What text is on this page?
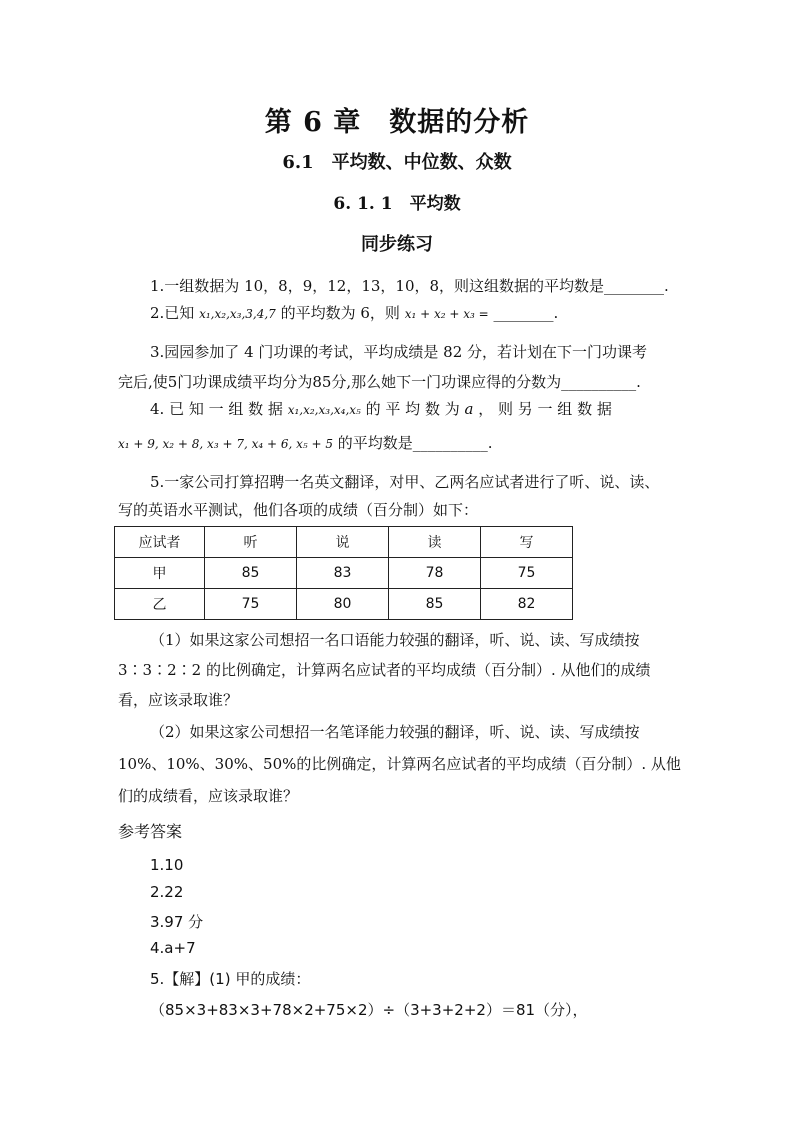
第 6 章　数据的分析
6.1　平均数、中位数、众数
6. 1. 1　平均数
同步练习
1.一组数据为 10，8，9，12，13，10，8，则这组数据的平均数是________.
2.已知 x₁,x₂,x₃,3,4,7 的平均数为 6，则 x₁ + x₂ + x₃ = ________.
3.园园参加了 4 门功课的考试，平均成绩是 82 分，若计划在下一门功课考
完后,使5门功课成绩平均分为85分,那么她下一门功课应得的分数为__________.
4. 已 知 一 组 数 据 x₁,x₂,x₃,x₄,x₅ 的 平 均 数 为 a ， 则 另 一 组 数 据
x₁ + 9, x₂ + 8, x₃ + 7, x₄ + 6, x₅ + 5 的平均数是__________.
5.一家公司打算招聘一名英文翻译，对甲、乙两名应试者进行了听、说、读、
写的英语水平测试，他们各项的成绩（百分制）如下：
应试者	听	说	读	写
甲	85	83	78	75
乙	75	80	85	82
（1）如果这家公司想招一名口语能力较强的翻译，听、说、读、写成绩按
3∶3∶2∶2 的比例确定，计算两名应试者的平均成绩（百分制）. 从他们的成绩
看，应该录取谁？
（2）如果这家公司想招一名笔译能力较强的翻译，听、说、读、写成绩按
10%、10%、30%、50%的比例确定，计算两名应试者的平均成绩（百分制）. 从他
们的成绩看，应该录取谁？
参考答案
1.10
2.22
3.97 分
4.a+7
5.【解】(1) 甲的成绩：
（85×3+83×3+78×2+75×2）÷（3+3+2+2）＝81（分），
